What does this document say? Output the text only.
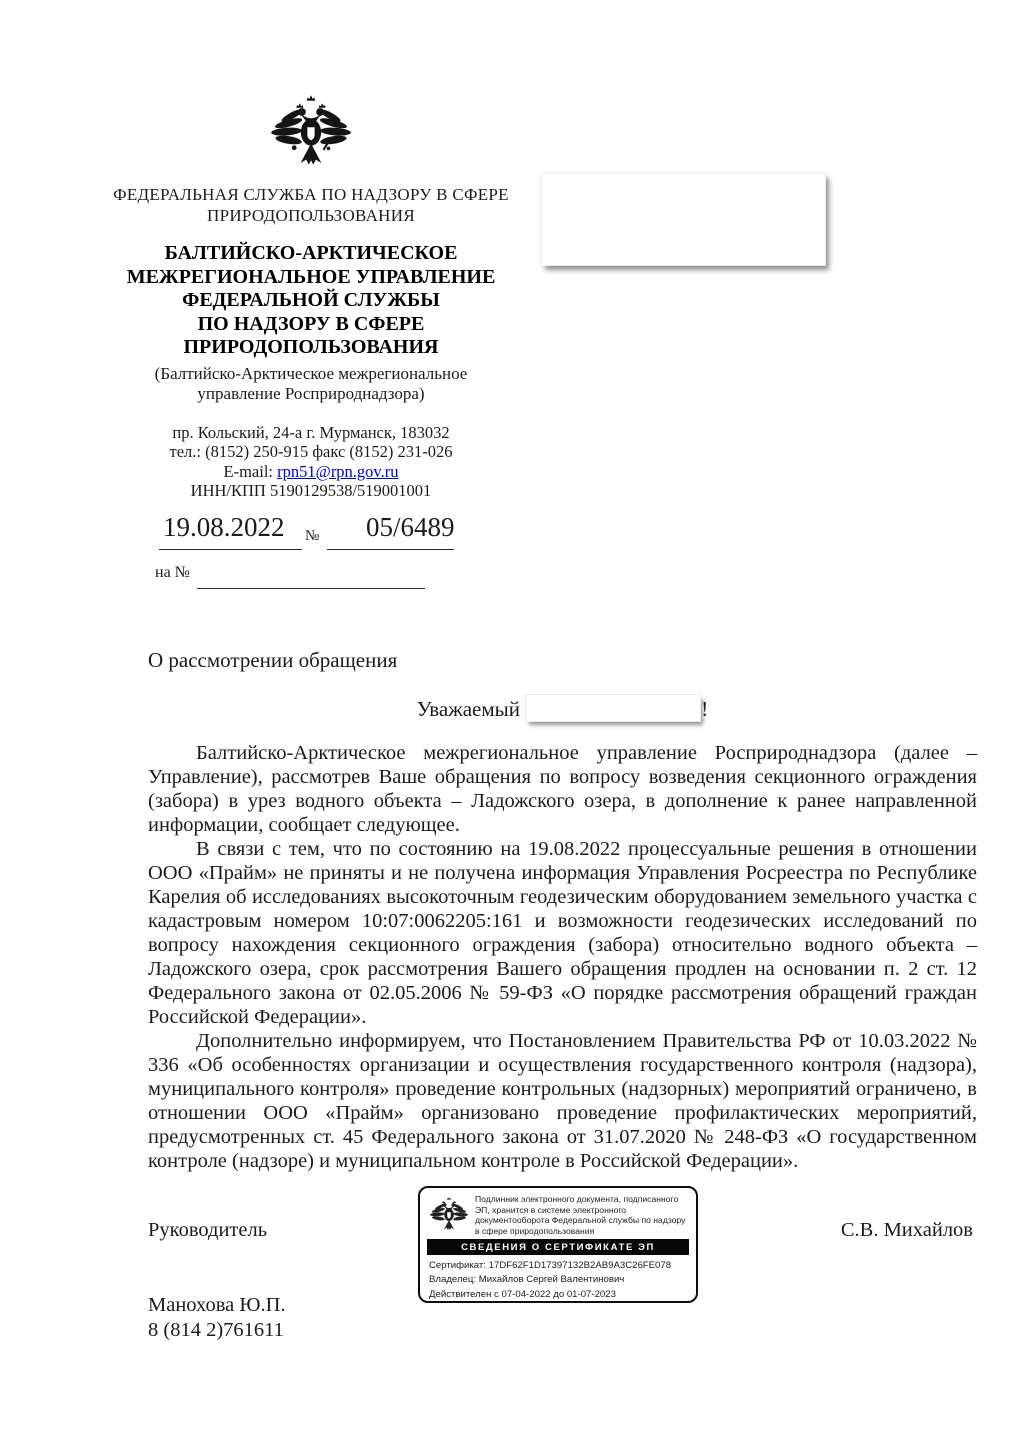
ФЕДЕРАЛЬНАЯ СЛУЖБА ПО НАДЗОРУ В СФЕРЕ
ПРИРОДОПОЛЬЗОВАНИЯ
БАЛТИЙСКО-АРКТИЧЕСКОЕ
МЕЖРЕГИОНАЛЬНОЕ УПРАВЛЕНИЕ
ФЕДЕРАЛЬНОЙ СЛУЖБЫ
ПО НАДЗОРУ В СФЕРЕ
ПРИРОДОПОЛЬЗОВАНИЯ
(Балтийско-Арктическое межрегиональное
управление Росприроднадзора)
пр. Кольский, 24-а г. Мурманск, 183032
тел.: (8152) 250-915 факс (8152) 231-026
E-mail: rpn51@rpn.gov.ru
ИНН/КПП 5190129538/519001001
19.08.2022 № 05/6489
на №
О рассмотрении обращения
Уважаемый	!

Балтийско-Арктическое межрегиональное управление Росприроднадзора (далее – Управление), рассмотрев Ваше обращения по вопросу возведения секционного ограждения (забора) в урез водного объекта – Ладожского озера, в дополнение к ранее направленной информации, сообщает следующее.

В связи с тем, что по состоянию на 19.08.2022 процессуальные решения в отношении ООО «Прайм» не приняты и не получена информация Управления Росреестра по Республике Карелия об исследованиях высокоточным геодезическим оборудованием земельного участка с кадастровым номером 10:07:0062205:161 и возможности геодезических исследований по вопросу нахождения секционного ограждения (забора) относительно водного объекта – Ладожского озера, срок рассмотрения Вашего обращения продлен на основании п. 2 ст. 12 Федерального закона от 02.05.2006 № 59-ФЗ «О порядке рассмотрения обращений граждан Российской Федерации».

Дополнительно информируем, что Постановлением Правительства РФ от 10.03.2022 № 336 «Об особенностях организации и осуществления государственного контроля (надзора), муниципального контроля» проведение контрольных (надзорных) мероприятий ограничено, в отношении ООО «Прайм» организовано проведение профилактических мероприятий, предусмотренных ст. 45 Федерального закона от 31.07.2020 № 248-ФЗ «О государственном контроле (надзоре) и муниципальном контроле в Российской Федерации».

Подлинник электронного документа, подписанного ЭП, хранится в системе электронного документооборота Федеральной службы по надзору в сфере природопользования
СВЕДЕНИЯ О СЕРТИФИКАТЕ ЭП
Сертификат: 17DF62F1D17397132B2AB9A3C26FE078
Владелец: Михайлов Сергей Валентинович
Действителен с 07-04-2022 до 01-07-2023
Руководитель	С.В. Михайлов
Манохова Ю.П.
8 (814 2)761611
